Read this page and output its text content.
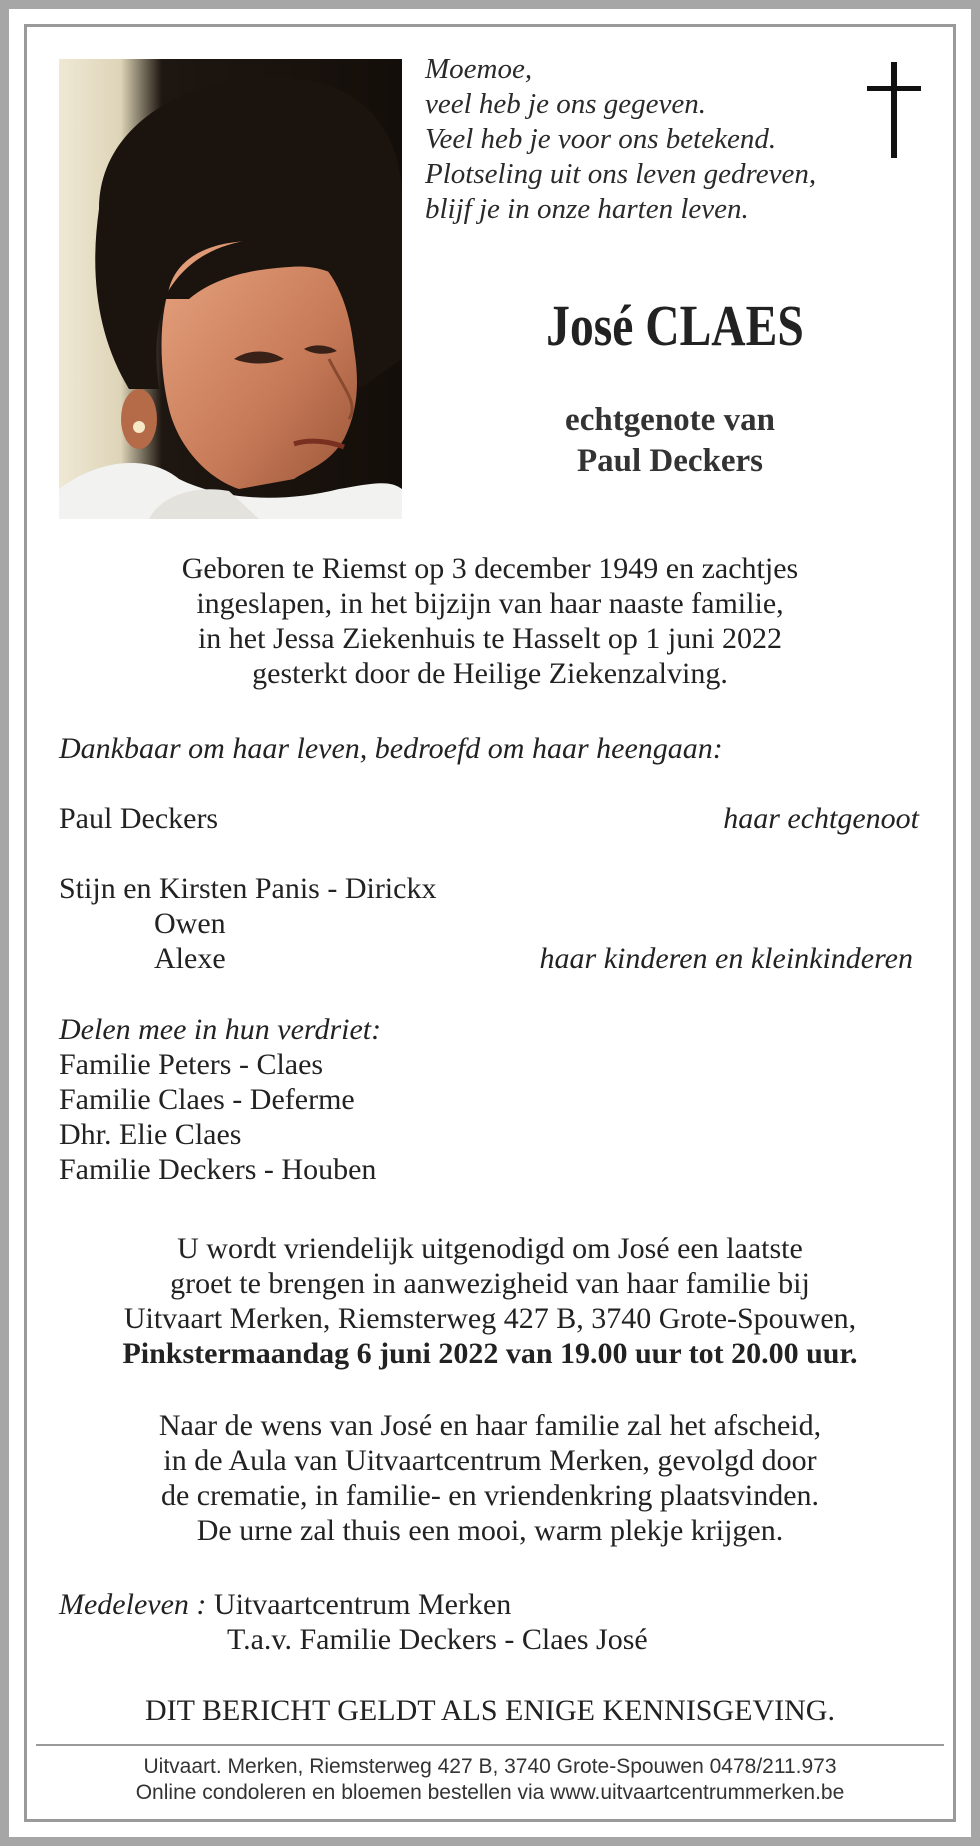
Moemoe,
veel heb je ons gegeven.
Veel heb je voor ons betekend.
Plotseling uit ons leven gedreven,
blijf je in onze harten leven.
José CLAES
echtgenote van
Paul Deckers
Geboren te Riemst op 3 december 1949 en zachtjes
ingeslapen, in het bijzijn van haar naaste familie,
in het Jessa Ziekenhuis te Hasselt op 1 juni 2022
gesterkt door de Heilige Ziekenzalving.
Dankbaar om haar leven, bedroefd om haar heengaan:
Paul Deckers	haar echtgenoot
Stijn en Kirsten Panis - Dirickx
Owen
Alexe	haar kinderen en kleinkinderen
Delen mee in hun verdriet:
Familie Peters - Claes
Familie Claes - Deferme
Dhr. Elie Claes
Familie Deckers - Houben
U wordt vriendelijk uitgenodigd om José een laatste
groet te brengen in aanwezigheid van haar familie bij
Uitvaart Merken, Riemsterweg 427 B, 3740 Grote-Spouwen,
Pinkstermaandag 6 juni 2022 van 19.00 uur tot 20.00 uur.
Naar de wens van José en haar familie zal het afscheid,
in de Aula van Uitvaartcentrum Merken, gevolgd door
de crematie, in familie- en vriendenkring plaatsvinden.
De urne zal thuis een mooi, warm plekje krijgen.
Medeleven : Uitvaartcentrum Merken
T.a.v. Familie Deckers - Claes José
DIT BERICHT GELDT ALS ENIGE KENNISGEVING.
Uitvaart. Merken, Riemsterweg 427 B, 3740 Grote-Spouwen 0478/211.973
Online condoleren en bloemen bestellen via www.uitvaartcentrummerken.be
